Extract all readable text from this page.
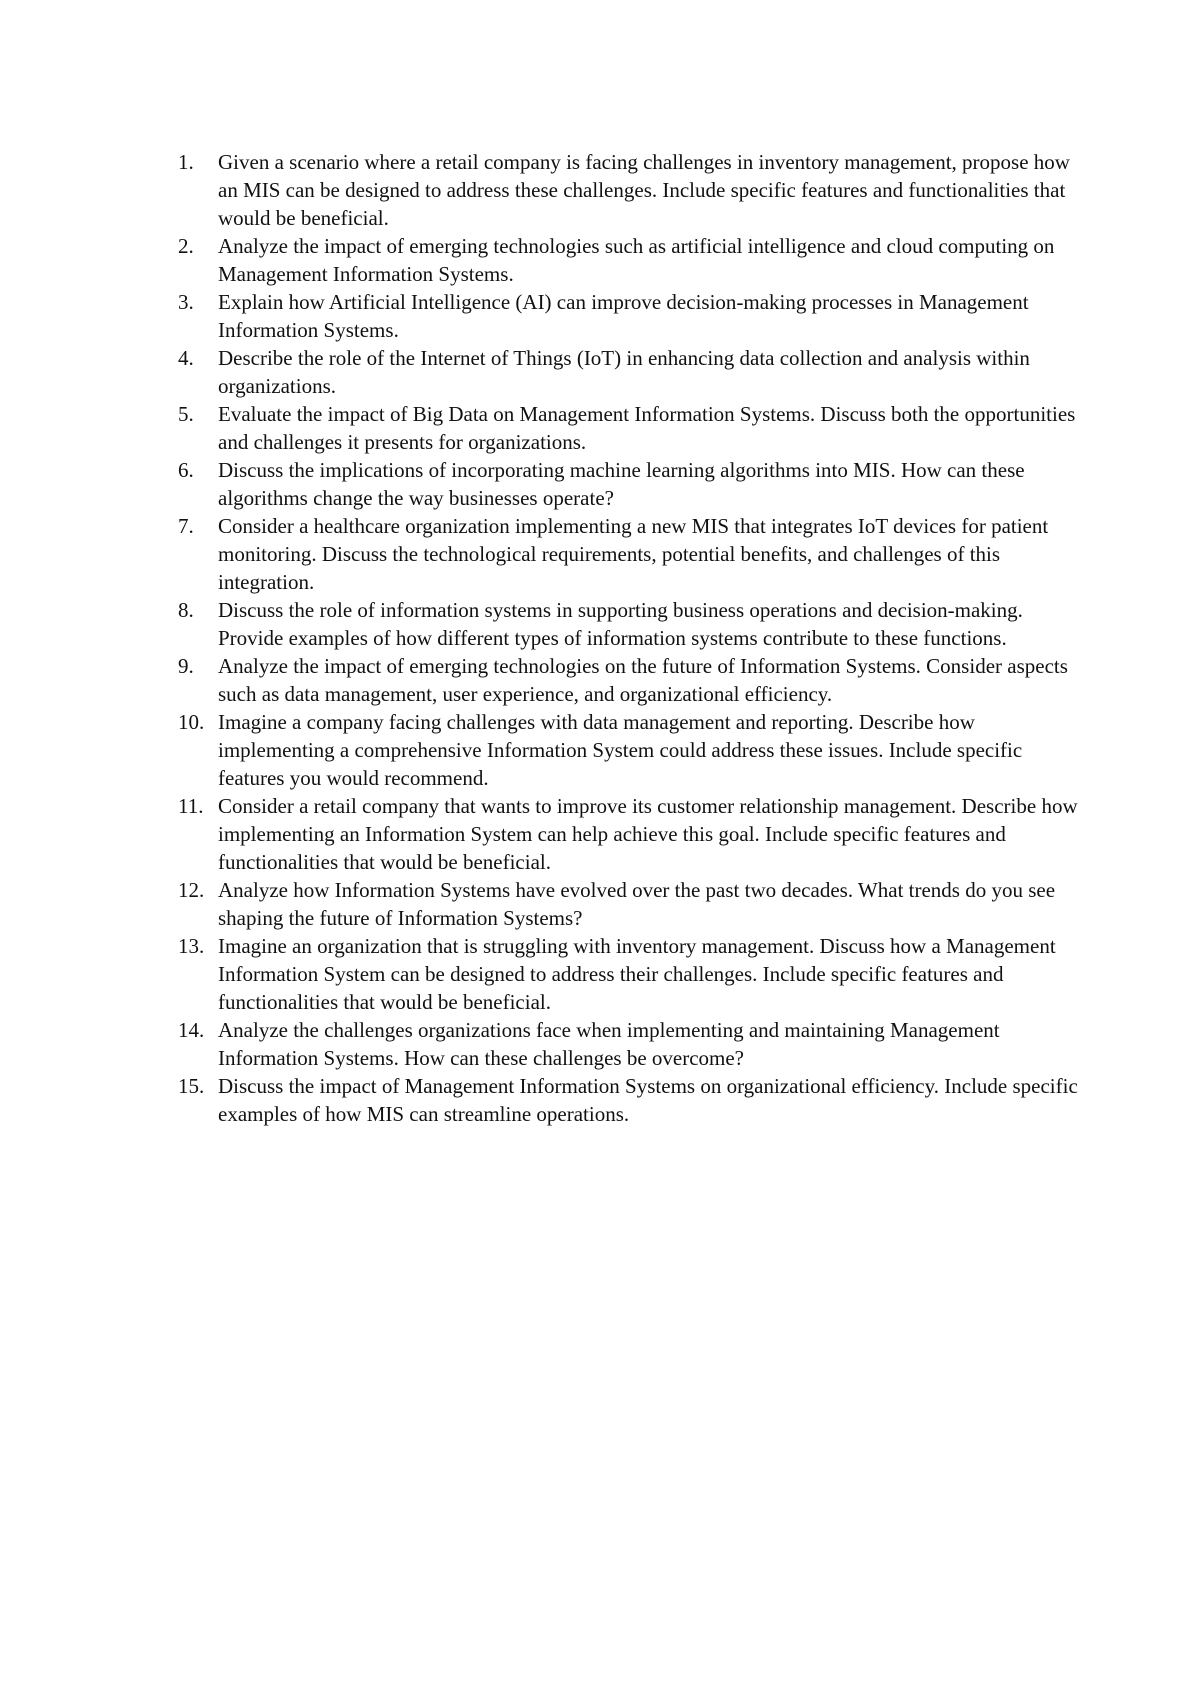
1.	Given a scenario where a retail company is facing challenges in inventory management, propose how an MIS can be designed to address these challenges. Include specific features and functionalities that would be beneficial.
2.	Analyze the impact of emerging technologies such as artificial intelligence and cloud computing on Management Information Systems.
3.	Explain how Artificial Intelligence (AI) can improve decision-making processes in Management Information Systems.
4.	Describe the role of the Internet of Things (IoT) in enhancing data collection and analysis within organizations.
5.	Evaluate the impact of Big Data on Management Information Systems. Discuss both the opportunities and challenges it presents for organizations.
6.	Discuss the implications of incorporating machine learning algorithms into MIS. How can these algorithms change the way businesses operate?
7.	Consider a healthcare organization implementing a new MIS that integrates IoT devices for patient monitoring. Discuss the technological requirements, potential benefits, and challenges of this integration.
8.	Discuss the role of information systems in supporting business operations and decision-making. Provide examples of how different types of information systems contribute to these functions.
9.	Analyze the impact of emerging technologies on the future of Information Systems. Consider aspects such as data management, user experience, and organizational efficiency.
10. Imagine a company facing challenges with data management and reporting. Describe how implementing a comprehensive Information System could address these issues. Include specific features you would recommend.
11. Consider a retail company that wants to improve its customer relationship management. Describe how implementing an Information System can help achieve this goal. Include specific features and functionalities that would be beneficial.
12. Analyze how Information Systems have evolved over the past two decades. What trends do you see shaping the future of Information Systems?
13. Imagine an organization that is struggling with inventory management. Discuss how a Management Information System can be designed to address their challenges. Include specific features and functionalities that would be beneficial.
14. Analyze the challenges organizations face when implementing and maintaining Management Information Systems. How can these challenges be overcome?
15. Discuss the impact of Management Information Systems on organizational efficiency. Include specific examples of how MIS can streamline operations.
